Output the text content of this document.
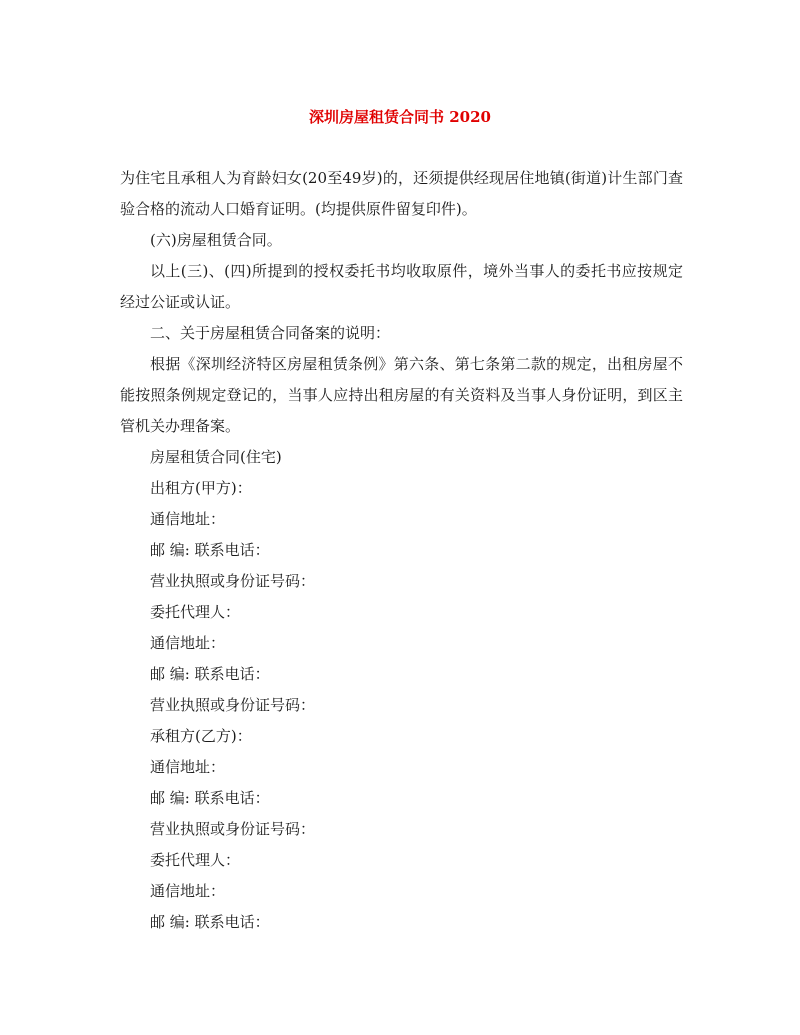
深圳房屋租赁合同书 2020

为住宅且承租人为育龄妇女(20至49岁)的，还须提供经现居住地镇(街道)计生部门查验合格的流动人口婚育证明。(均提供原件留复印件)。

(六)房屋租赁合同。

以上(三)、(四)所提到的授权委托书均收取原件，境外当事人的委托书应按规定经过公证或认证。

二、关于房屋租赁合同备案的说明：

根据《深圳经济特区房屋租赁条例》第六条、第七条第二款的规定，出租房屋不能按照条例规定登记的，当事人应持出租房屋的有关资料及当事人身份证明，到区主管机关办理备案。

房屋租赁合同(住宅)

出租方(甲方)：

通信地址：

邮 编: 联系电话：

营业执照或身份证号码：

委托代理人：

通信地址：

邮 编: 联系电话：

营业执照或身份证号码：

承租方(乙方)：

通信地址：

邮 编: 联系电话：

营业执照或身份证号码：

委托代理人：

通信地址：

邮 编: 联系电话：
